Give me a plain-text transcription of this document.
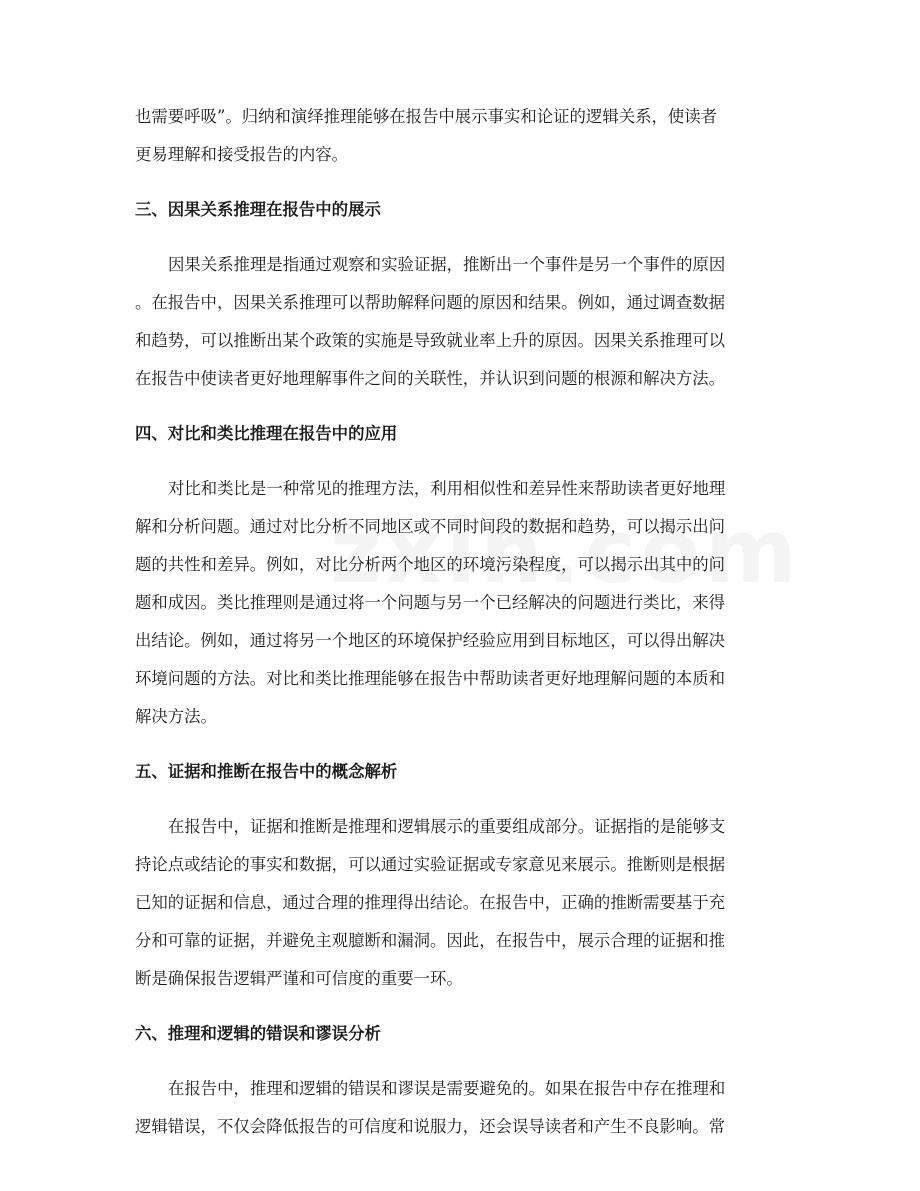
也需要呼吸”。归纳和演绎推理能够在报告中展示事实和论证的逻辑关系，使读者
更易理解和接受报告的内容。
三、因果关系推理在报告中的展示
因果关系推理是指通过观察和实验证据，推断出一个事件是另一个事件的原因
。在报告中，因果关系推理可以帮助解释问题的原因和结果。例如，通过调查数据
和趋势，可以推断出某个政策的实施是导致就业率上升的原因。因果关系推理可以
在报告中使读者更好地理解事件之间的关联性，并认识到问题的根源和解决方法。
四、对比和类比推理在报告中的应用
对比和类比是一种常见的推理方法，利用相似性和差异性来帮助读者更好地理
解和分析问题。通过对比分析不同地区或不同时间段的数据和趋势，可以揭示出问
题的共性和差异。例如，对比分析两个地区的环境污染程度，可以揭示出其中的问
题和成因。类比推理则是通过将一个问题与另一个已经解决的问题进行类比，来得
出结论。例如，通过将另一个地区的环境保护经验应用到目标地区，可以得出解决
环境问题的方法。对比和类比推理能够在报告中帮助读者更好地理解问题的本质和
解决方法。
五、证据和推断在报告中的概念解析
在报告中，证据和推断是推理和逻辑展示的重要组成部分。证据指的是能够支
持论点或结论的事实和数据，可以通过实验证据或专家意见来展示。推断则是根据
已知的证据和信息，通过合理的推理得出结论。在报告中，正确的推断需要基于充
分和可靠的证据，并避免主观臆断和漏洞。因此，在报告中，展示合理的证据和推
断是确保报告逻辑严谨和可信度的重要一环。
六、推理和逻辑的错误和谬误分析
在报告中，推理和逻辑的错误和谬误是需要避免的。如果在报告中存在推理和
逻辑错误，不仅会降低报告的可信度和说服力，还会误导读者和产生不良影响。常
